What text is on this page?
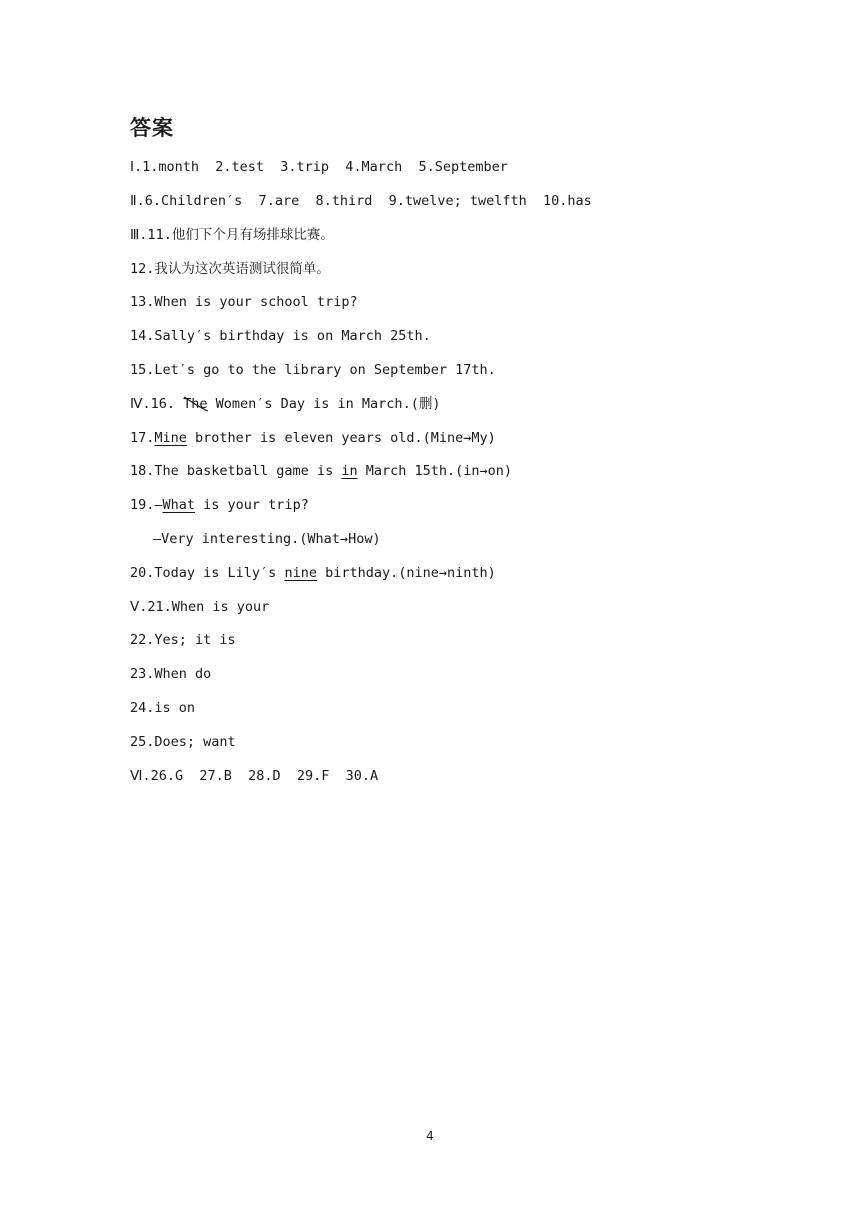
答案
Ⅰ.1.month  2.test  3.trip  4.March  5.September
Ⅱ.6.Children′s  7.are  8.third  9.twelve; twelfth  10.has
Ⅲ.11.他们下个月有场排球比赛。
12.我认为这次英语测试很简单。
13.When is your school trip?
14.Sally′s birthday is on March 25th.
15.Let′s go to the library on September 17th.
Ⅳ.16. The
Women′s Day is in March.(删)
17.Mine brother is eleven years old.(Mine→My)
18.The basketball game is in March 15th.(in→on)
19.—What is your trip?
—Very interesting.(What→How)
20.Today is Lily′s nine birthday.(nine→ninth)
Ⅴ.21.When is your
22.Yes; it is
23.When do
24.is on
25.Does; want
Ⅵ.26.G  27.B  28.D  29.F  30.A
4
